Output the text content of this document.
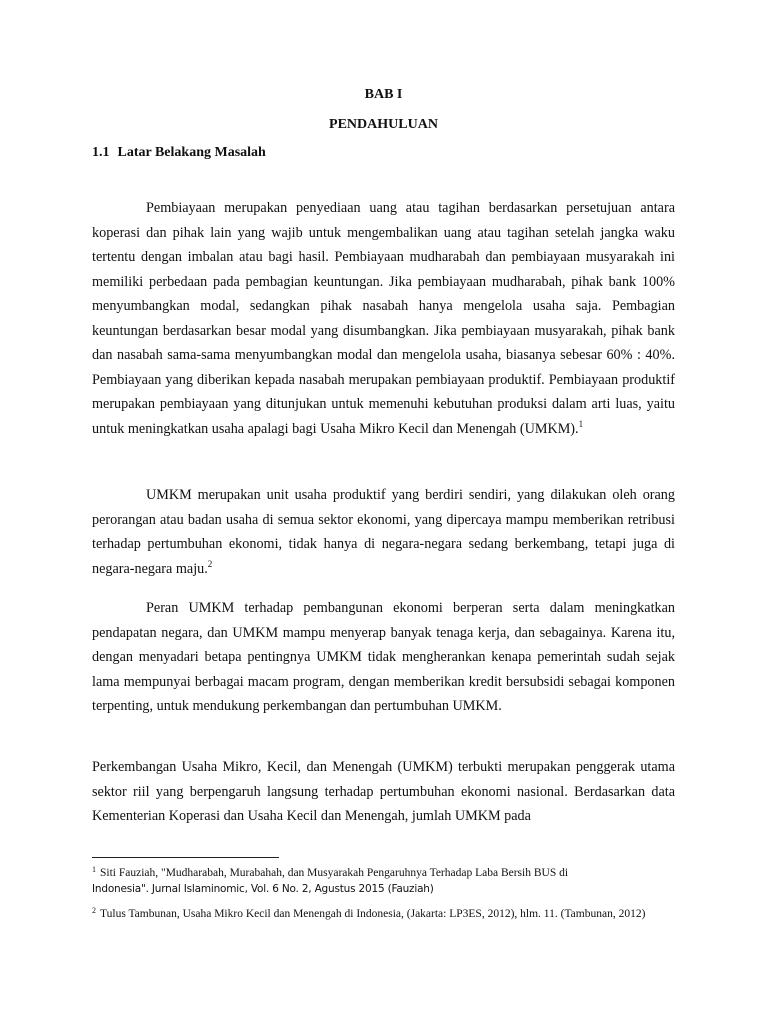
BAB I

PENDAHULUAN

1.1 Latar Belakang Masalah

Pembiayaan merupakan penyediaan uang atau tagihan berdasarkan persetujuan antara koperasi dan pihak lain yang wajib untuk mengembalikan uang atau tagihan setelah jangka waku tertentu dengan imbalan atau bagi hasil. Pembiayaan mudharabah dan pembiayaan musyarakah ini memiliki perbedaan pada pembagian keuntungan. Jika pembiayaan mudharabah, pihak bank 100% menyumbangkan modal, sedangkan pihak nasabah hanya mengelola usaha saja. Pembagian keuntungan berdasarkan besar modal yang disumbangkan. Jika pembiayaan musyarakah, pihak bank dan nasabah sama-sama menyumbangkan modal dan mengelola usaha, biasanya sebesar 60% : 40%. Pembiayaan yang diberikan kepada nasabah merupakan pembiayaan produktif. Pembiayaan produktif merupakan pembiayaan yang ditunjukan untuk memenuhi kebutuhan produksi dalam arti luas, yaitu untuk meningkatkan usaha apalagi bagi Usaha Mikro Kecil dan Menengah (UMKM).$^1$

UMKM merupakan unit usaha produktif yang berdiri sendiri, yang dilakukan oleh orang perorangan atau badan usaha di semua sektor ekonomi, yang dipercaya mampu memberikan retribusi terhadap pertumbuhan ekonomi, tidak hanya di negara-negara sedang berkembang, tetapi juga di negara-negara maju.$^2$

Peran UMKM terhadap pembangunan ekonomi berperan serta dalam meningkatkan pendapatan negara, dan UMKM mampu menyerap banyak tenaga kerja, dan sebagainya. Karena itu, dengan menyadari betapa pentingnya UMKM tidak mengherankan kenapa pemerintah sudah sejak lama mempunyai berbagai macam program, dengan memberikan kredit bersubsidi sebagai komponen terpenting, untuk mendukung perkembangan dan pertumbuhan UMKM.

Perkembangan Usaha Mikro, Kecil, dan Menengah (UMKM) terbukti merupakan penggerak utama sektor riil yang berpengaruh langsung terhadap pertumbuhan ekonomi nasional. Berdasarkan data Kementerian Koperasi dan Usaha Kecil dan Menengah, jumlah UMKM pada

$^1$ Siti Fauziah, "Mudharabah, Murabahah, dan Musyarakah Pengaruhnya Terhadap Laba Bersih BUS di
Indonesia". Jurnal Islaminomic, Vol. 6 No. 2, Agustus 2015 (Fauziah)

$^2$ Tulus Tambunan, Usaha Mikro Kecil dan Menengah di Indonesia, (Jakarta: LP3ES, 2012), hlm. 11. (Tambunan, 2012)
